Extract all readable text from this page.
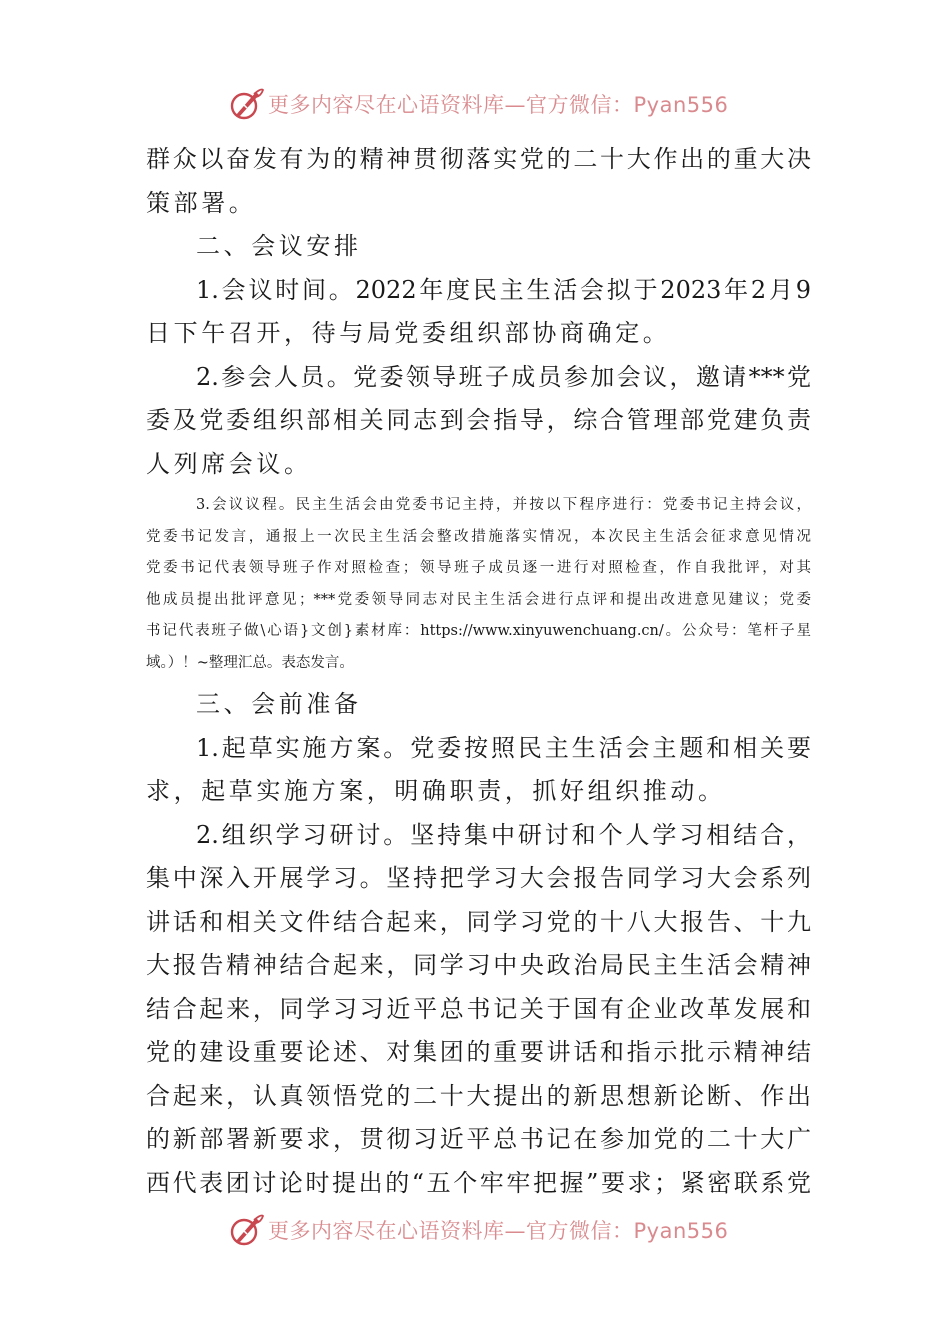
更多内容尽在心语资料库—官方微信：Pyan556
群众以奋发有为的精神贯彻落实党的二十大作出的重大决
策部署。
二、会议安排
1.会议时间。2022年度民主生活会拟于2023年2月9
日下午召开，待与局党委组织部协商确定。
2.参会人员。党委领导班子成员参加会议，邀请***党
委及党委组织部相关同志到会指导，综合管理部党建负责
人列席会议。
3.会议议程。民主生活会由党委书记主持，并按以下程序进行：党委书记主持会议，
党委书记发言，通报上一次民主生活会整改措施落实情况，本次民主生活会征求意见情况
党委书记代表领导班子作对照检查；领导班子成员逐一进行对照检查，作自我批评，对其
他成员提出批评意见；***党委领导同志对民主生活会进行点评和提出改进意见建议；党委
书记代表班子做\心语}文创}素材库：https://www.xinyuwenchuang.cn/。公众号：笔杆子星
域。）！~整理汇总。表态发言。
三、会前准备
1.起草实施方案。党委按照民主生活会主题和相关要
求，起草实施方案，明确职责，抓好组织推动。
2.组织学习研讨。坚持集中研讨和个人学习相结合，
集中深入开展学习。坚持把学习大会报告同学习大会系列
讲话和相关文件结合起来，同学习党的十八大报告、十九
大报告精神结合起来，同学习中央政治局民主生活会精神
结合起来，同学习习近平总书记关于国有企业改革发展和
党的建设重要论述、对集团的重要讲话和指示批示精神结
合起来，认真领悟党的二十大提出的新思想新论断、作出
的新部署新要求，贯彻习近平总书记在参加党的二十大广
西代表团讨论时提出的“五个牢牢把握”要求；紧密联系党
更多内容尽在心语资料库—官方微信：Pyan556
